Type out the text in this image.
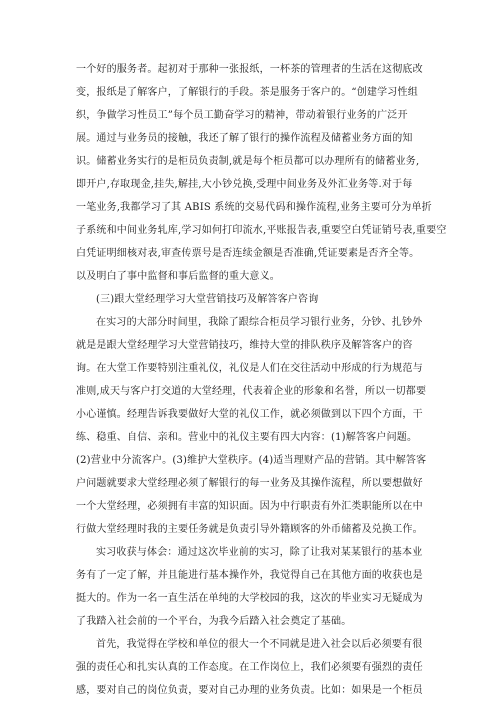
一个好的服务者。起初对于那种一张报纸，一杯茶的管理者的生活在这彻底改
变，报纸是了解客户，了解银行的手段。茶是服务于客户的。“创建学习性组
织，争做学习性员工”每个员工勤奋学习的精神，带动着银行业务的广泛开
展。通过与业务员的接触，我还了解了银行的操作流程及储蓄业务方面的知
识。储蓄业务实行的是柜员负责制,就是每个柜员都可以办理所有的储蓄业务,
即开户,存取现金,挂失,解挂,大小钞兑换,受理中间业务及外汇业务等.对于每
一笔业务,我都学习了其 ABIS 系统的交易代码和操作流程,业务主要可分为单折
子系统和中间业务轧库,学习如何打印流水,平账报告表,重要空白凭证销号表,重要空
白凭证明细核对表,审查传票号是否连续金额是否准确,凭证要素是否齐全等。
以及明白了事中监督和事后监督的重大意义。
(三)跟大堂经理学习大堂营销技巧及解答客户咨询
在实习的大部分时间里，我除了跟综合柜员学习银行业务，分钞、扎钞外
就是是跟大堂经理学习大堂营销技巧，维持大堂的排队秩序及解答客户的咨
询。在大堂工作要特别注重礼仪，礼仪是人们在交往活动中形成的行为规范与
准则,成天与客户打交道的大堂经理，代表着企业的形象和名誉，所以一切都要
小心谨慎。经理告诉我要做好大堂的礼仪工作，就必须做到以下四个方面，干
练、稳重、自信、亲和。营业中的礼仪主要有四大内容：(1)解答客户问题。
(2)营业中分流客户。(3)维护大堂秩序。(4)适当理财产品的营销。其中解答客
户问题就要求大堂经理必须了解银行的每一业务及其操作流程，所以要想做好
一个大堂经理，必须拥有丰富的知识面。因为中行职责有外汇类职能所以在中
行做大堂经理时我的主要任务就是负责引导外籍顾客的外币储蓄及兑换工作。
实习收获与体会：通过这次毕业前的实习，除了让我对某某银行的基本业
务有了一定了解，并且能进行基本操作外，我觉得自己在其他方面的收获也是
挺大的。作为一名一直生活在单纯的大学校园的我，这次的毕业实习无疑成为
了我踏入社会前的一个平台，为我今后踏入社会奠定了基础。
首先，我觉得在学校和单位的很大一个不同就是进入社会以后必须要有很
强的责任心和扎实认真的工作态度。在工作岗位上，我们必须要有强烈的责任
感，要对自己的岗位负责，要对自己办理的业务负责。比如：如果是一个柜员
